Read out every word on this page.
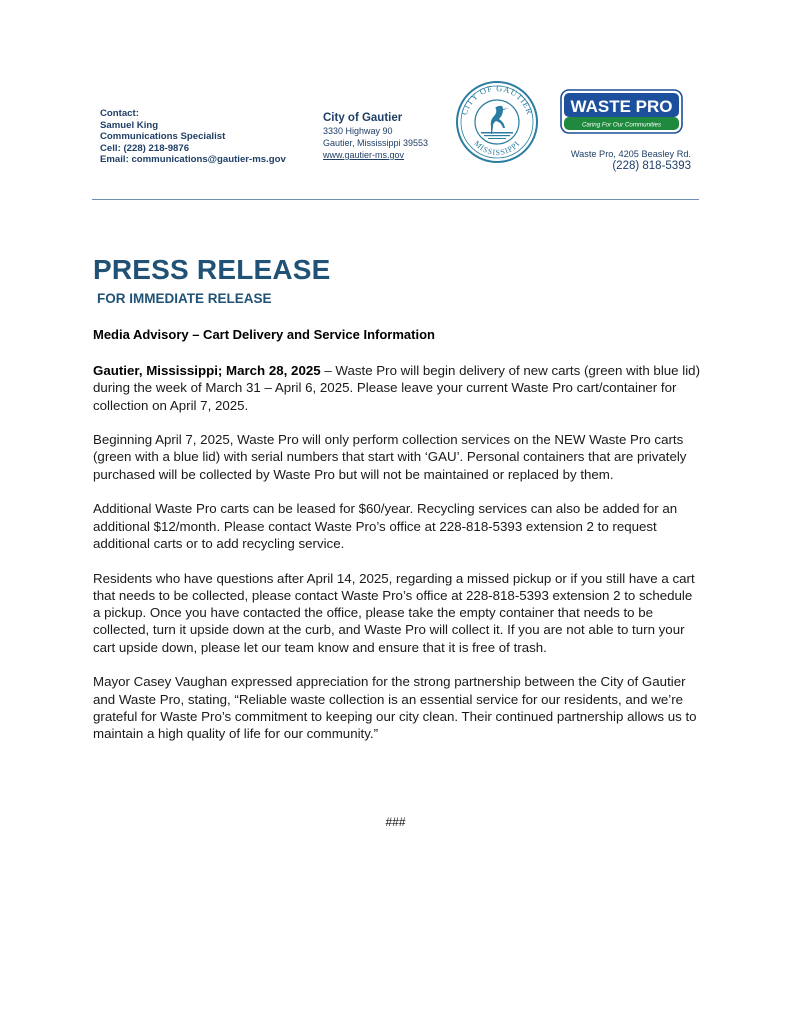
Contact:
Samuel King
Communications Specialist
Cell: (228) 218-9876
Email: communications@gautier-ms.gov
City of Gautier
3330 Highway 90
Gautier, Mississippi 39553
www.gautier-ms.gov
CITY OF GAUTIER
MISSISSIPPI
WASTE PRO
Caring For Our Communities
Waste Pro, 4205 Beasley Rd.
(228) 818-5393
PRESS RELEASE
FOR IMMEDIATE RELEASE
Media Advisory – Cart Delivery and Service Information

Gautier, Mississippi; March 28, 2025 – Waste Pro will begin delivery of new carts (green with blue lid) during the week of March 31 – April 6, 2025. Please leave your current Waste Pro cart/container for collection on April 7, 2025.

Beginning April 7, 2025, Waste Pro will only perform collection services on the NEW Waste Pro carts (green with a blue lid) with serial numbers that start with ‘GAU’. Personal containers that are privately purchased will be collected by Waste Pro but will not be maintained or replaced by them.

Additional Waste Pro carts can be leased for $60/year. Recycling services can also be added for an additional $12/month. Please contact Waste Pro’s office at 228-818-5393 extension 2 to request additional carts or to add recycling service.

Residents who have questions after April 14, 2025, regarding a missed pickup or if you still have a cart that needs to be collected, please contact Waste Pro’s office at 228-818-5393 extension 2 to schedule a pickup. Once you have contacted the office, please take the empty container that needs to be collected, turn it upside down at the curb, and Waste Pro will collect it. If you are not able to turn your cart upside down, please let our team know and ensure that it is free of trash.

Mayor Casey Vaughan expressed appreciation for the strong partnership between the City of Gautier and Waste Pro, stating, “Reliable waste collection is an essential service for our residents, and we’re grateful for Waste Pro’s commitment to keeping our city clean. Their continued partnership allows us to maintain a high quality of life for our community.”

###
